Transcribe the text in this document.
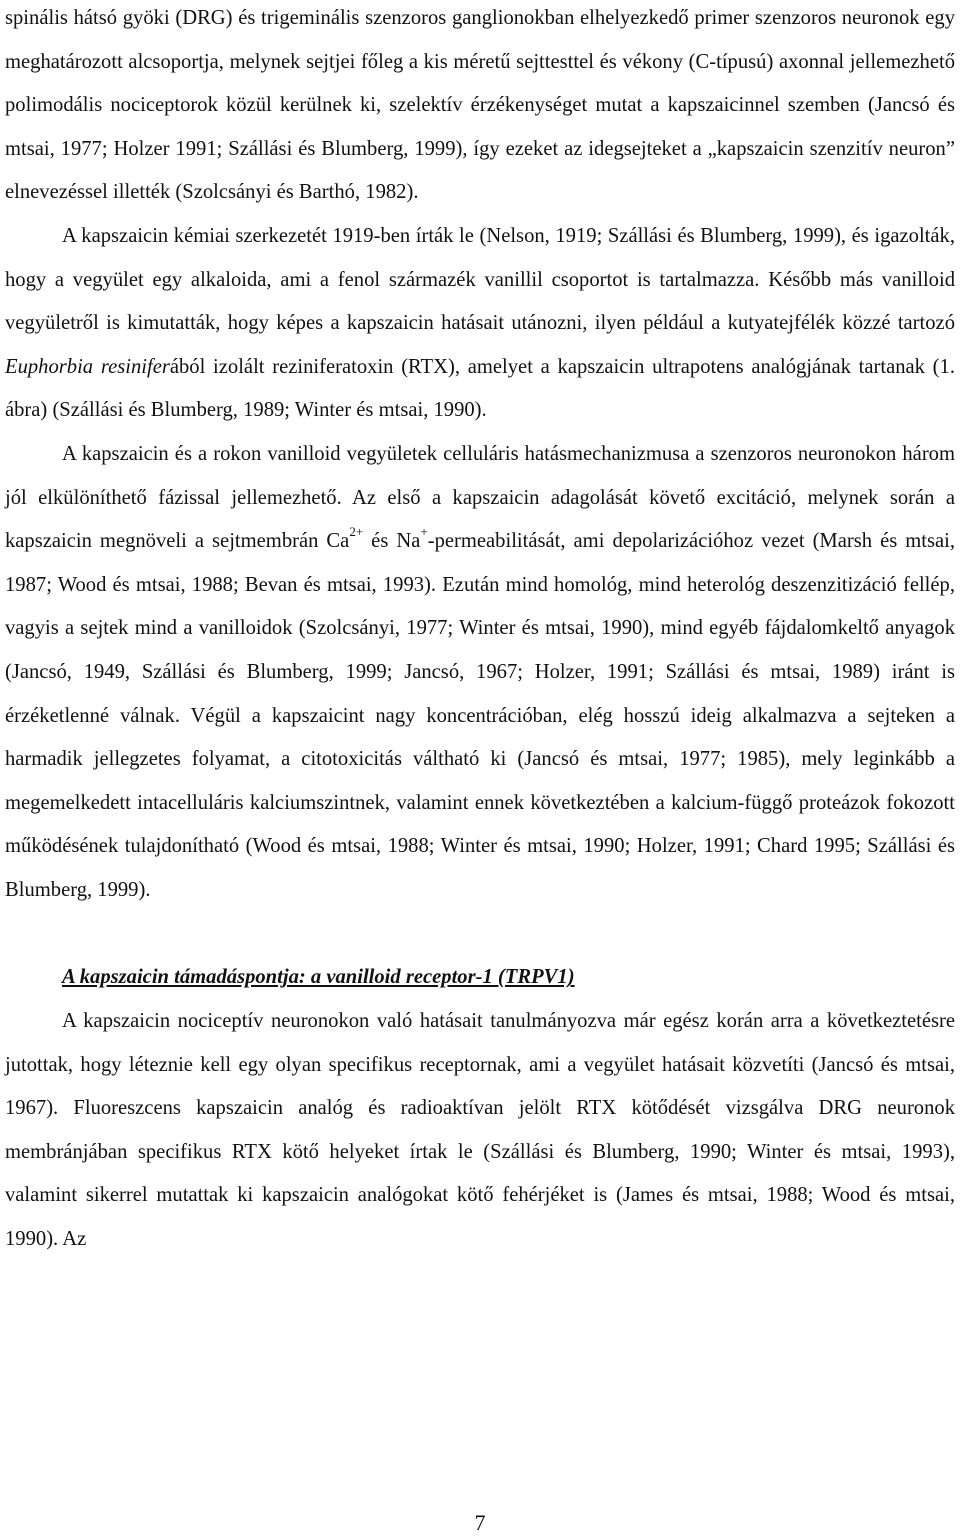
spinális hátsó gyöki (DRG) és trigeminális szenzoros ganglionokban elhelyezkedő primer szenzoros neuronok egy meghatározott alcsoportja, melynek sejtjei főleg a kis méretű sejttesttel és vékony (C-típusú) axonnal jellemezhető polimodális nociceptorok közül kerülnek ki, szelektív érzékenységet mutat a kapszaicinnel szemben (Jancsó és mtsai, 1977; Holzer 1991; Szállási és Blumberg, 1999), így ezeket az idegsejteket a „kapszaicin szenzitív neuron” elnevezéssel illették (Szolcsányi és Barthó, 1982).

A kapszaicin kémiai szerkezetét 1919-ben írták le (Nelson, 1919; Szállási és Blumberg, 1999), és igazolták, hogy a vegyület egy alkaloida, ami a fenol származék vanillil csoportot is tartalmazza. Később más vanilloid vegyületről is kimutatták, hogy képes a kapszaicin hatásait utánozni, ilyen például a kutyatejfélék közzé tartozó Euphorbia resiniferából izolált reziniferatoxin (RTX), amelyet a kapszaicin ultrapotens analógjának tartanak (1. ábra) (Szállási és Blumberg, 1989; Winter és mtsai, 1990).

A kapszaicin és a rokon vanilloid vegyületek celluláris hatásmechanizmusa a szenzoros neuronokon három jól elkülöníthető fázissal jellemezhető. Az első a kapszaicin adagolását követő excitáció, melynek során a kapszaicin megnöveli a sejtmembrán $Ca^{2+}$ és Na+-permeabilitását, ami depolarizációhoz vezet (Marsh és mtsai, 1987; Wood és mtsai, 1988; Bevan és mtsai, 1993). Ezután mind homológ, mind heterológ deszenzitizáció fellép, vagyis a sejtek mind a vanilloidok (Szolcsányi, 1977; Winter és mtsai, 1990), mind egyéb fájdalomkeltő anyagok (Jancsó, 1949, Szállási és Blumberg, 1999; Jancsó, 1967; Holzer, 1991; Szállási és mtsai, 1989) iránt is érzéketlenné válnak. Végül a kapszaicint nagy koncentrációban, elég hosszú ideig alkalmazva a sejteken a harmadik jellegzetes folyamat, a citotoxicitás váltható ki (Jancsó és mtsai, 1977; 1985), mely leginkább a megemelkedett intacelluláris kalciumszintnek, valamint ennek következtében a kalcium-függő proteázok fokozott működésének tulajdonítható (Wood és mtsai, 1988; Winter és mtsai, 1990; Holzer, 1991; Chard 1995; Szállási és Blumberg, 1999).

A kapszaicin támadáspontja: a vanilloid receptor-1 (TRPV1)

A kapszaicin nociceptív neuronokon való hatásait tanulmányozva már egész korán arra a következtetésre jutottak, hogy léteznie kell egy olyan specifikus receptornak, ami a vegyület hatásait közvetíti (Jancsó és mtsai, 1967). Fluoreszcens kapszaicin analóg és radioaktívan jelölt RTX kötődését vizsgálva DRG neuronok membránjában specifikus RTX kötő helyeket írtak le (Szállási és Blumberg, 1990; Winter és mtsai, 1993), valamint sikerrel mutattak ki kapszaicin analógokat kötő fehérjéket is (James és mtsai, 1988; Wood és mtsai, 1990). Az

7
